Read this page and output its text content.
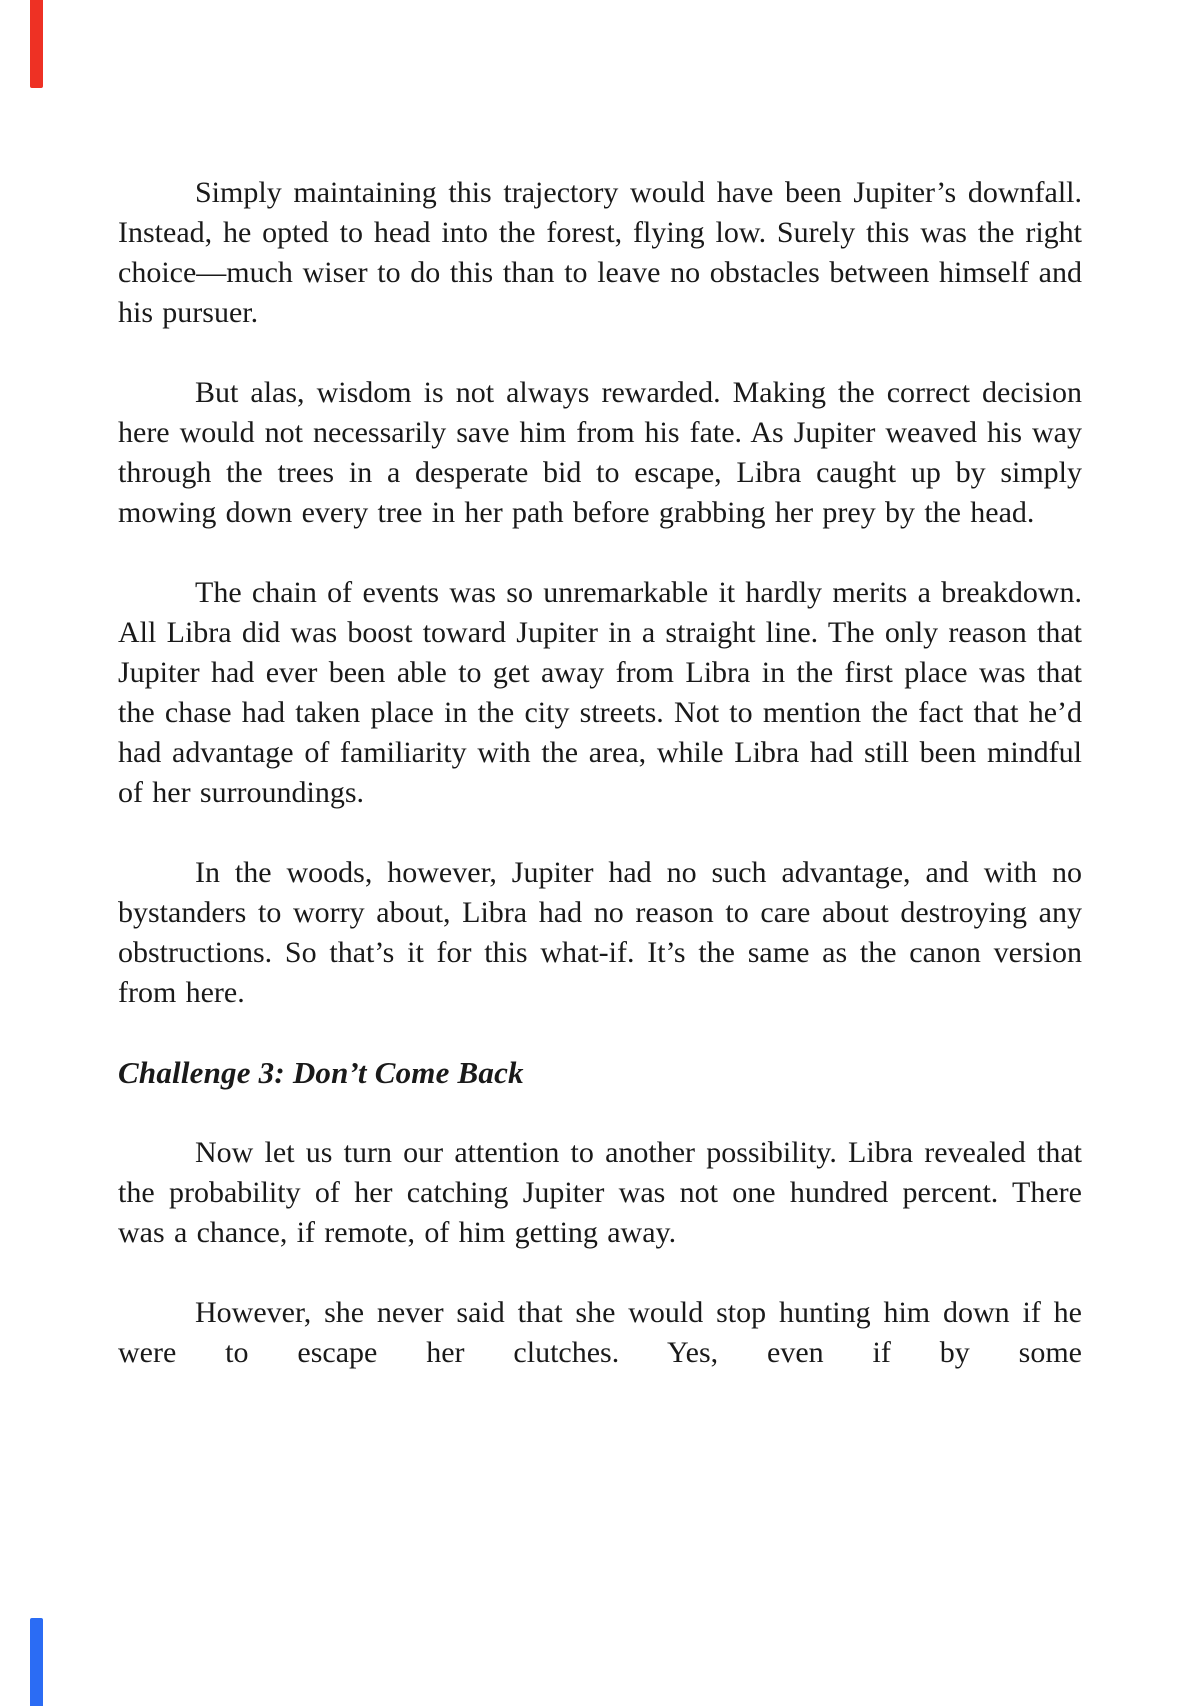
Simply maintaining this trajectory would have been Jupiter’s downfall. Instead, he opted to head into the forest, flying low. Surely this was the right choice—much wiser to do this than to leave no obstacles between himself and his pursuer.

But alas, wisdom is not always rewarded. Making the correct decision here would not necessarily save him from his fate. As Jupiter weaved his way through the trees in a desperate bid to escape, Libra caught up by simply mowing down every tree in her path before grabbing her prey by the head.

The chain of events was so unremarkable it hardly merits a breakdown. All Libra did was boost toward Jupiter in a straight line. The only reason that Jupiter had ever been able to get away from Libra in the first place was that the chase had taken place in the city streets. Not to mention the fact that he’d had advantage of familiarity with the area, while Libra had still been mindful of her surroundings.

In the woods, however, Jupiter had no such advantage, and with no bystanders to worry about, Libra had no reason to care about destroying any obstructions. So that’s it for this what-if. It’s the same as the canon version from here.

Challenge 3: Don’t Come Back

Now let us turn our attention to another possibility. Libra revealed that the probability of her catching Jupiter was not one hundred percent. There was a chance, if remote, of him getting away.

However, she never said that she would stop hunting him down if he were to escape her clutches. Yes, even if by some
